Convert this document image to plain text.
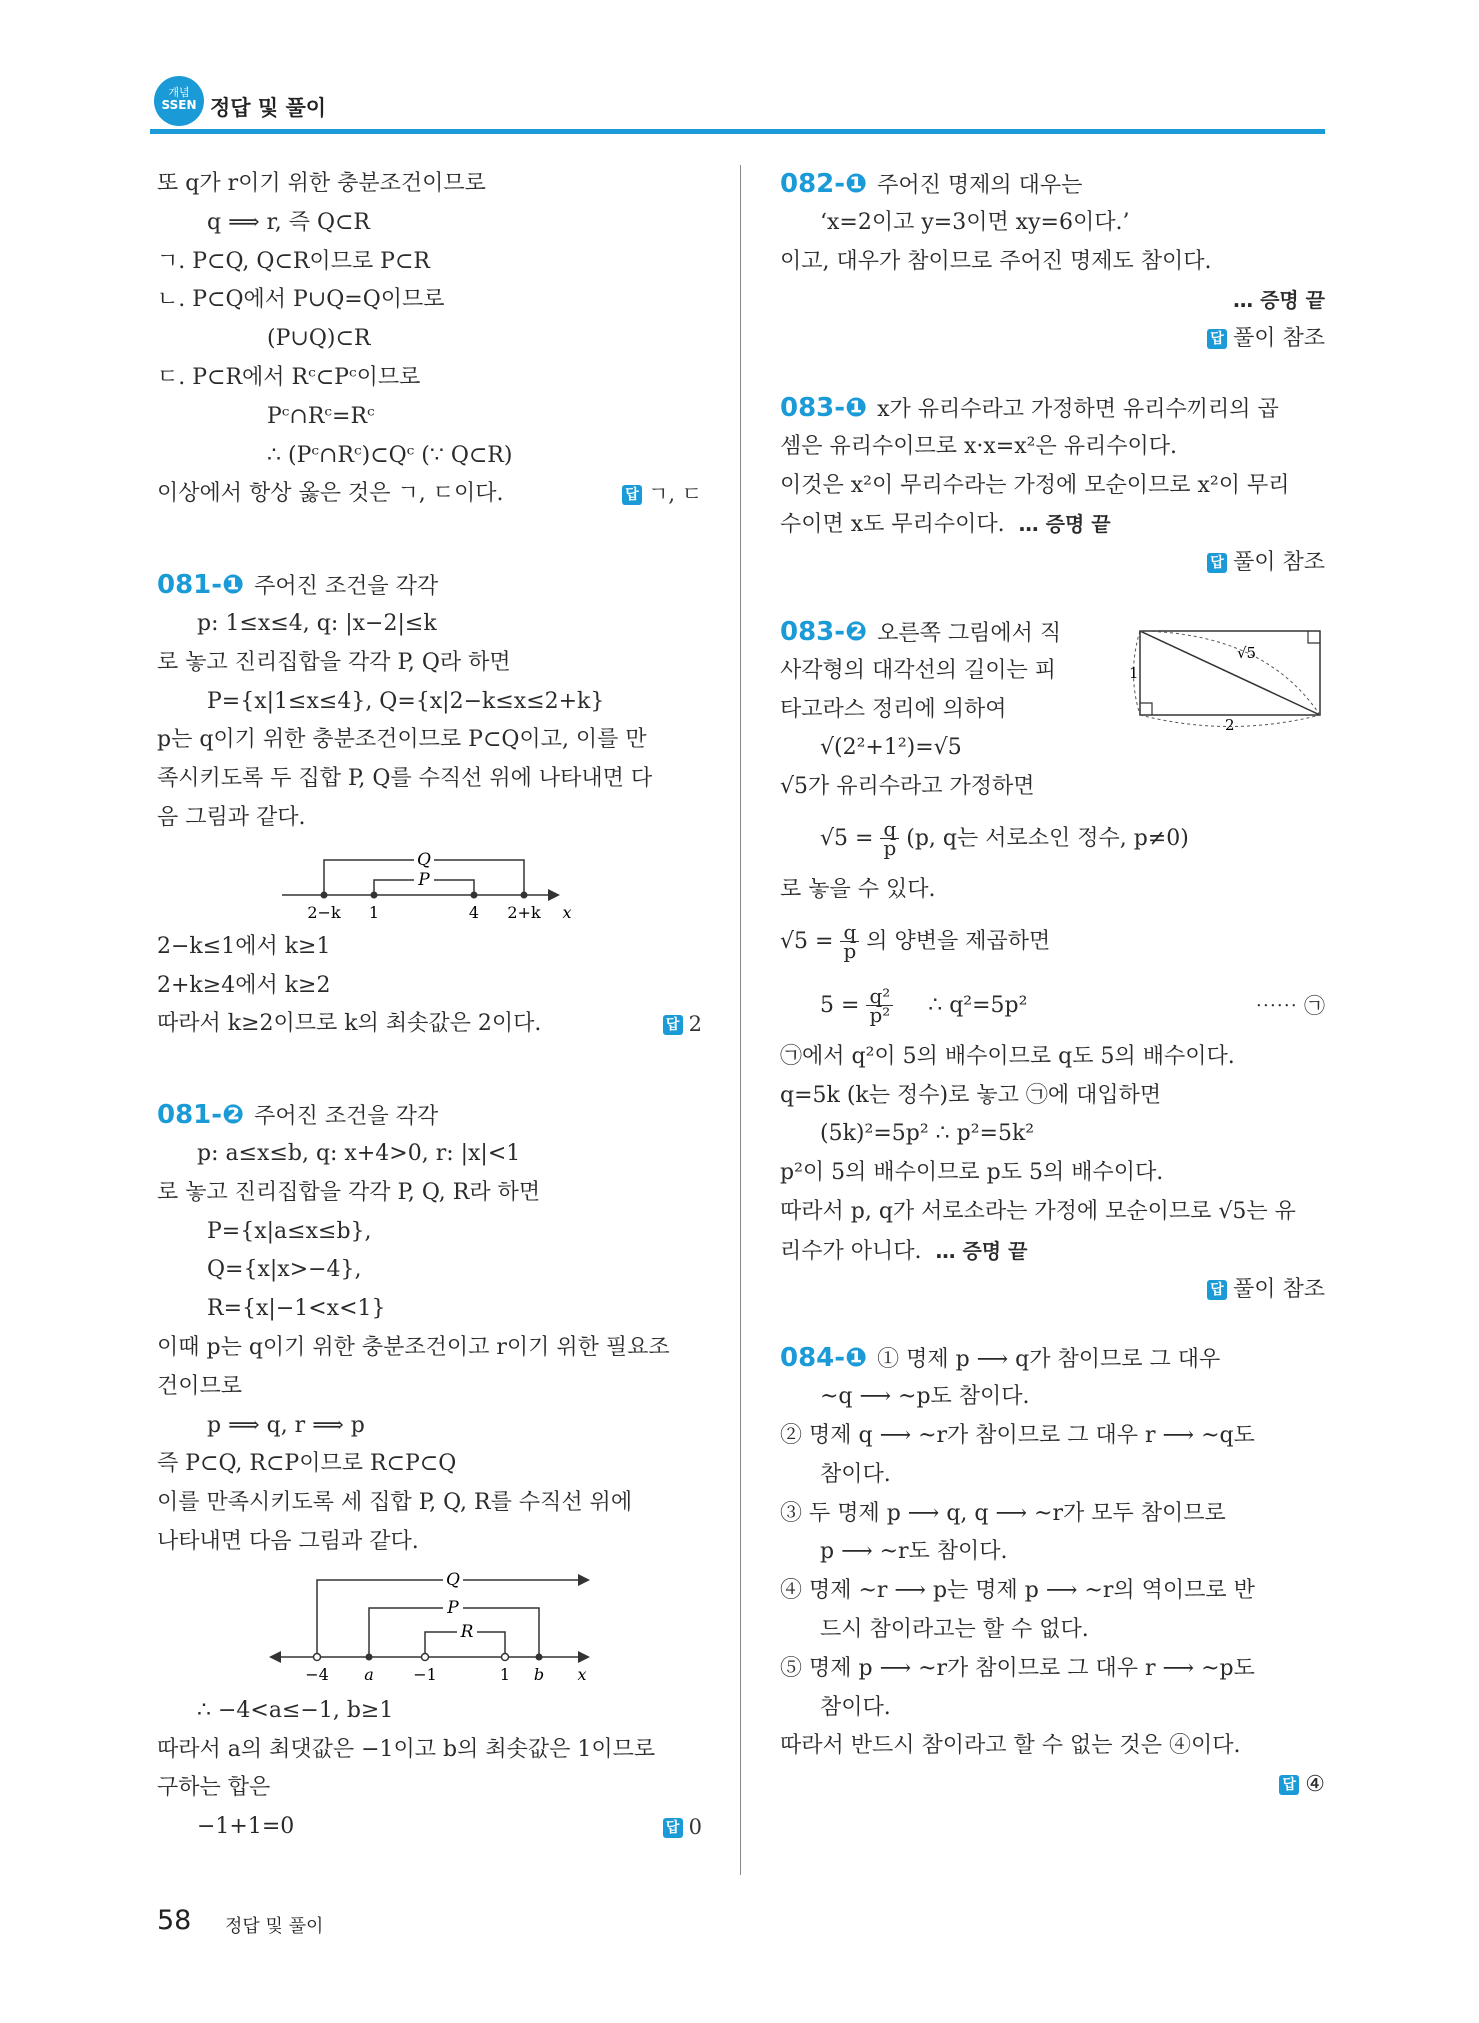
개념
SSEN 정답 및 풀이
또 q가 r이기 위한 충분조건이므로
q ⟹ r, 즉 Q⊂R
ㄱ. P⊂Q, Q⊂R이므로 P⊂R
ㄴ. P⊂Q에서 P∪Q=Q이므로
(P∪Q)⊂R
ㄷ. P⊂R에서 Rᶜ⊂Pᶜ이므로
Pᶜ∩Rᶜ=Rᶜ
∴ (Pᶜ∩Rᶜ)⊂Qᶜ (∵ Q⊂R)
이상에서 항상 옳은 것은 ㄱ, ㄷ이다.	답 ㄱ, ㄷ
081-❶ 주어진 조건을 각각
p: 1≤x≤4, q: |x−2|≤k
로 놓고 진리집합을 각각 P, Q라 하면
P={x|1≤x≤4}, Q={x|2−k≤x≤2+k}
p는 q이기 위한 충분조건이므로 P⊂Q이고, 이를 만
족시키도록 두 집합 P, Q를 수직선 위에 나타내면 다
음 그림과 같다.
Q
P
2−k 1	4 2+k x
2−k≤1에서 k≥1
2+k≥4에서 k≥2
따라서 k≥2이므로 k의 최솟값은 2이다.	답 2
081-❷ 주어진 조건을 각각
p: a≤x≤b, q: x+4>0, r: |x|<1
로 놓고 진리집합을 각각 P, Q, R라 하면
P={x|a≤x≤b},
Q={x|x>−4},
R={x|−1<x<1}
이때 p는 q이기 위한 충분조건이고 r이기 위한 필요조
건이므로
p ⟹ q, r ⟹ p
즉 P⊂Q, R⊂P이므로 R⊂P⊂Q
이를 만족시키도록 세 집합 P, Q, R를 수직선 위에
나타내면 다음 그림과 같다.
Q
P
R
−4 a −1	1 b x
∴ −4<a≤−1, b≥1
따라서 a의 최댓값은 −1이고 b의 최솟값은 1이므로
구하는 합은
−1+1=0	답 0
082-❶ 주어진 명제의 대우는
‘x=2이고 y=3이면 xy=6이다.’
이고, 대우가 참이므로 주어진 명제도 참이다.
… 증명 끝
답 풀이 참조
083-❶ x가 유리수라고 가정하면 유리수끼리의 곱
셈은 유리수이므로 x·x=x²은 유리수이다.
이것은 x²이 무리수라는 가정에 모순이므로 x²이 무리
수이면 x도 무리수이다. … 증명 끝
답 풀이 참조
1
2
√5
083-❷ 오른쪽 그림에서 직
사각형의 대각선의 길이는 피
타고라스 정리에 의하여
√(2²+1²)=√5
√5가 유리수라고 가정하면
$√5 = \frac{q}{p} (p$, q는 서로소인 정수, p≠0)
로 놓을 수 있다.
$√5 = \frac{q}{p}$ 의 양변을 제곱하면
$5 = \frac{\text{q²}}{\text{p²}}$ ∴ q²=5p²	⋯⋯ ㉠
㉠에서 q²이 5의 배수이므로 q도 5의 배수이다.
q=5k (k는 정수)로 놓고 ㉠에 대입하면
(5k)²=5p² ∴ p²=5k²
p²이 5의 배수이므로 p도 5의 배수이다.
따라서 p, q가 서로소라는 가정에 모순이므로 √5는 유
리수가 아니다. … 증명 끝
답 풀이 참조
084-❶ ① 명제 p ⟶ q가 참이므로 그 대우
~q ⟶ ~p도 참이다.
② 명제 q ⟶ ~r가 참이므로 그 대우 r ⟶ ~q도
참이다.
③ 두 명제 p ⟶ q, q ⟶ ~r가 모두 참이므로
p ⟶ ~r도 참이다.
④ 명제 ~r ⟶ p는 명제 p ⟶ ~r의 역이므로 반
드시 참이라고는 할 수 없다.
⑤ 명제 p ⟶ ~r가 참이므로 그 대우 r ⟶ ~p도
참이다.
따라서 반드시 참이라고 할 수 없는 것은 ④이다.
답 ④
58 정답 및 풀이
